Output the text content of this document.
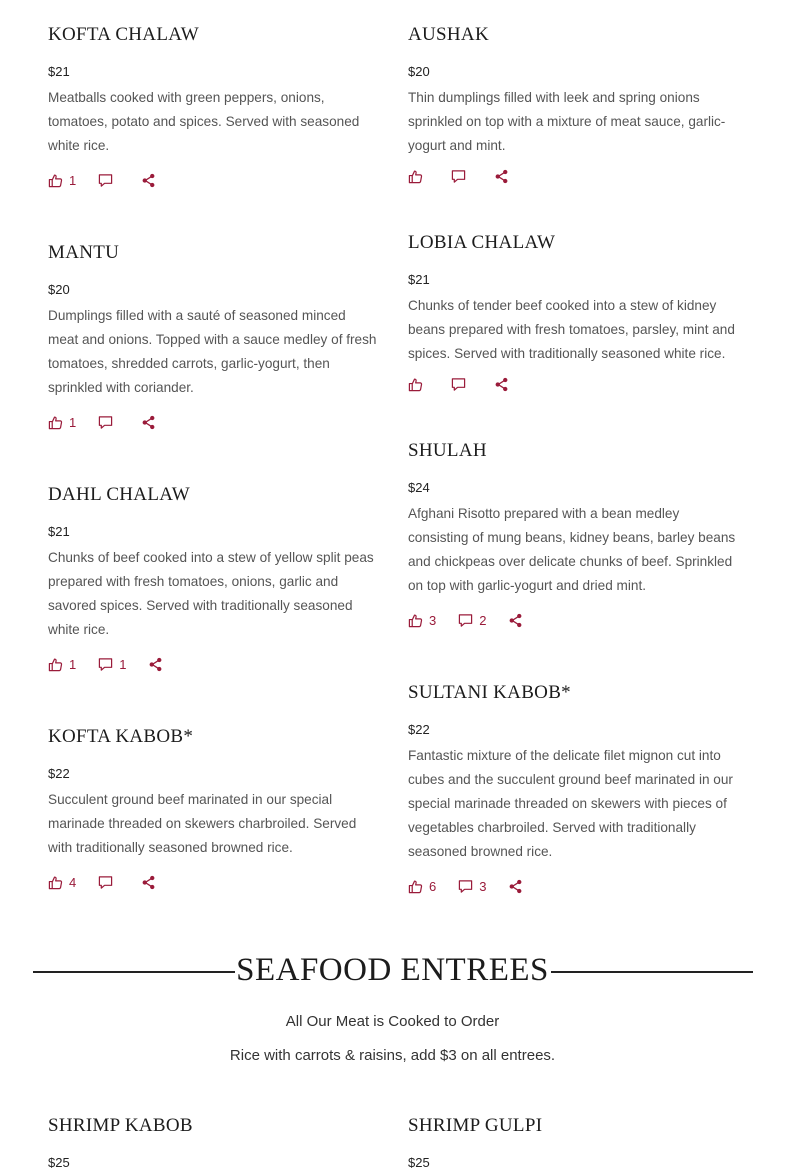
KOFTA CHALAW
$21
Meatballs cooked with green peppers, onions, tomatoes, potato and spices. Served with seasoned white rice.
1
MANTU
$20
Dumplings filled with a sauté of seasoned minced meat and onions. Topped with a sauce medley of fresh tomatoes, shredded carrots, garlic-yogurt, then sprinkled with coriander.
1
DAHL CHALAW
$21
Chunks of beef cooked into a stew of yellow split peas prepared with fresh tomatoes, onions, garlic and savored spices. Served with traditionally seasoned white rice.
1	1
KOFTA KABOB*
$22
Succulent ground beef marinated in our special marinade threaded on skewers charbroiled. Served with traditionally seasoned browned rice.
4
AUSHAK
$20
Thin dumplings filled with leek and spring onions sprinkled on top with a mixture of meat sauce, garlic-yogurt and mint.
LOBIA CHALAW
$21
Chunks of tender beef cooked into a stew of kidney beans prepared with fresh tomatoes, parsley, mint and spices. Served with traditionally seasoned white rice.
SHULAH
$24
Afghani Risotto prepared with a bean medley consisting of mung beans, kidney beans, barley beans and chickpeas over delicate chunks of beef. Sprinkled on top with garlic-yogurt and dried mint.
3	2
SULTANI KABOB*
$22
Fantastic mixture of the delicate filet mignon cut into cubes and the succulent ground beef marinated in our special marinade threaded on skewers with pieces of vegetables charbroiled. Served with traditionally seasoned browned rice.
6	3
SEAFOOD ENTREES
All Our Meat is Cooked to Order
Rice with carrots & raisins, add $3 on all entrees.
SHRIMP KABOB
$25
SHRIMP GULPI
$25
